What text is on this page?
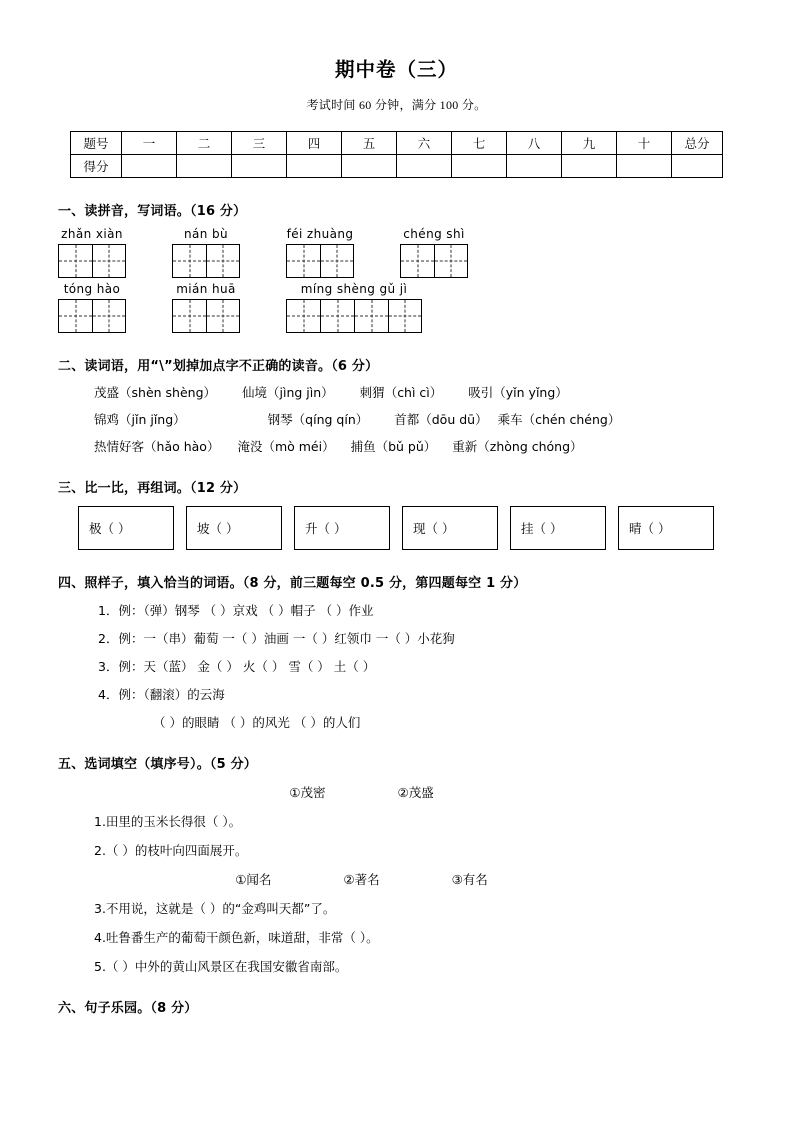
期中卷（三）
考试时间 60 分钟，满分 100 分。
题号	一	二	三	四	五	六	七	八	九	十	总分
得分											
一、读拼音，写词语。（16 分）
zhǎn xiàn	nán bù	féi zhuàng	chéng shì
tóng hào	mián huā	míng shèng gǔ jì
二、读词语，用“\”划掉加点字不正确的读音。（6 分）
茂盛（shèn shèng） 仙境（jìng jìn） 刺猬（chì cì） 吸引（yǐn yǐng）
锦鸡（jǐn jǐng）	钢琴（qíng qín） 首都（dōu dū） 乘车（chén chéng）
热情好客（hǎo hào） 淹没（mò méi） 捕鱼（bǔ pǔ） 重新（zhòng chóng）
三、比一比，再组词。（12 分）
极（ ）	坡（ ）	升（ ）	现（ ）	挂（ ）	晴（ ）
四、照样子，填入恰当的词语。（8 分，前三题每空 0.5 分，第四题每空 1 分）
1．例：（弹）钢琴 （ ）京戏 （ ）帽子 （ ）作业
2．例：一（串）葡萄 一（ ）油画 一（ ）红领巾 一（ ）小花狗
3．例：天（蓝） 金（ ） 火（ ） 雪（ ） 土（ ）
4．例：（翻滚）的云海
（ ）的眼睛 （ ）的风光 （ ）的人们
五、选词填空（填序号）。（5 分）
①茂密	②茂盛
1.田里的玉米长得很（ ）。
2.（ ）的枝叶向四面展开。
①闻名	②著名	③有名
3.不用说，这就是（ ）的“金鸡叫天都”了。
4.吐鲁番生产的葡萄干颜色新，味道甜，非常（ ）。
5.（ ）中外的黄山风景区在我国安徽省南部。
六、句子乐园。（8 分）
